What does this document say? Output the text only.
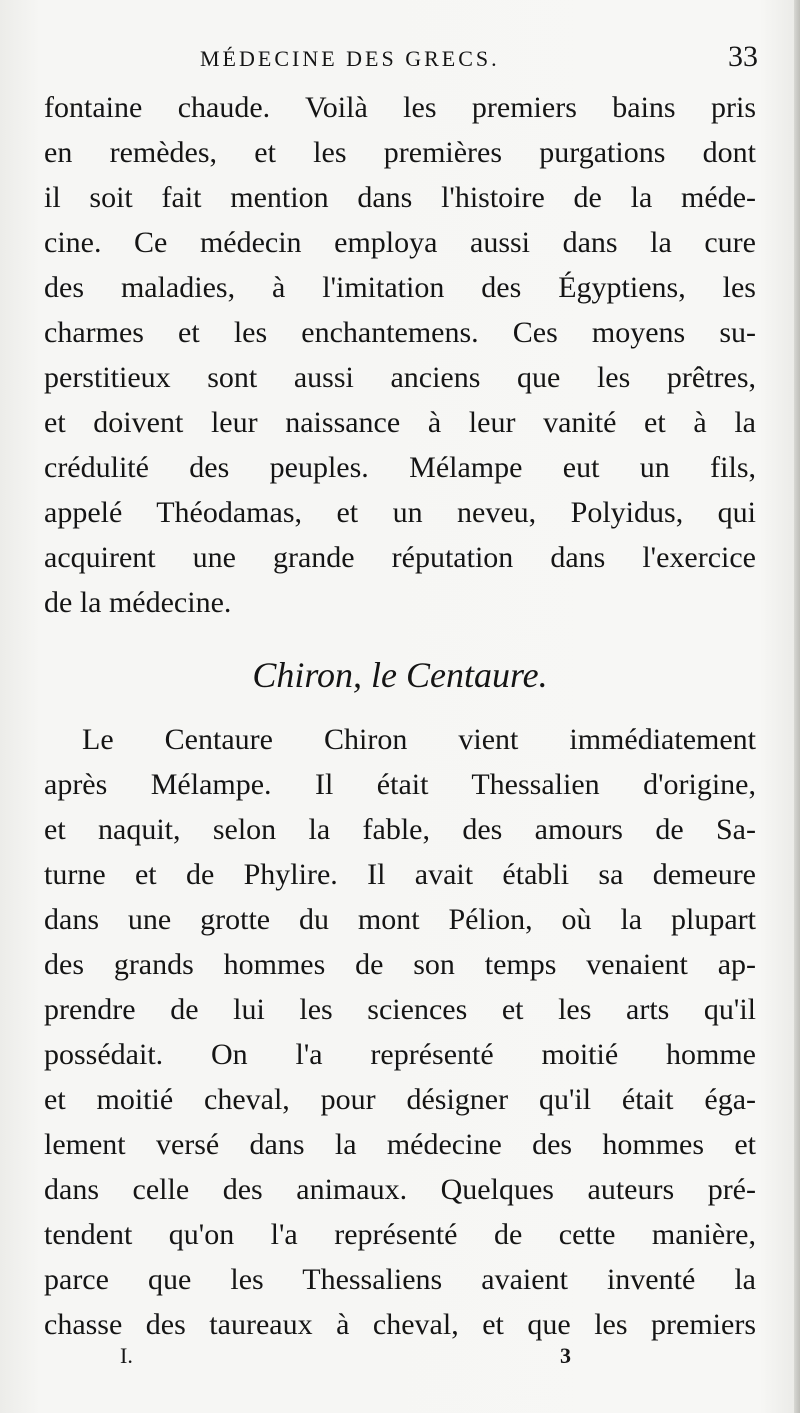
MÉDECINE DES GRECS.	33
fontaine chaude. Voilà les premiers bains pris
en remèdes, et les premières purgations dont
il soit fait mention dans l'histoire de la méde-
cine. Ce médecin employa aussi dans la cure
des maladies, à l'imitation des Égyptiens, les
charmes et les enchantemens. Ces moyens su-
perstitieux sont aussi anciens que les prêtres,
et doivent leur naissance à leur vanité et à la
crédulité des peuples. Mélampe eut un fils,
appelé Théodamas, et un neveu, Polyidus, qui
acquirent une grande réputation dans l'exercice
de la médecine.
Chiron, le Centaure.
Le Centaure Chiron vient immédiatement
après Mélampe. Il était Thessalien d'origine,
et naquit, selon la fable, des amours de Sa-
turne et de Phylire. Il avait établi sa demeure
dans une grotte du mont Pélion, où la plupart
des grands hommes de son temps venaient ap-
prendre de lui les sciences et les arts qu'il
possédait. On l'a représenté moitié homme
et moitié cheval, pour désigner qu'il était éga-
lement versé dans la médecine des hommes et
dans celle des animaux. Quelques auteurs pré-
tendent qu'on l'a représenté de cette manière,
parce que les Thessaliens avaient inventé la
chasse des taureaux à cheval, et que les premiers
I.	3
